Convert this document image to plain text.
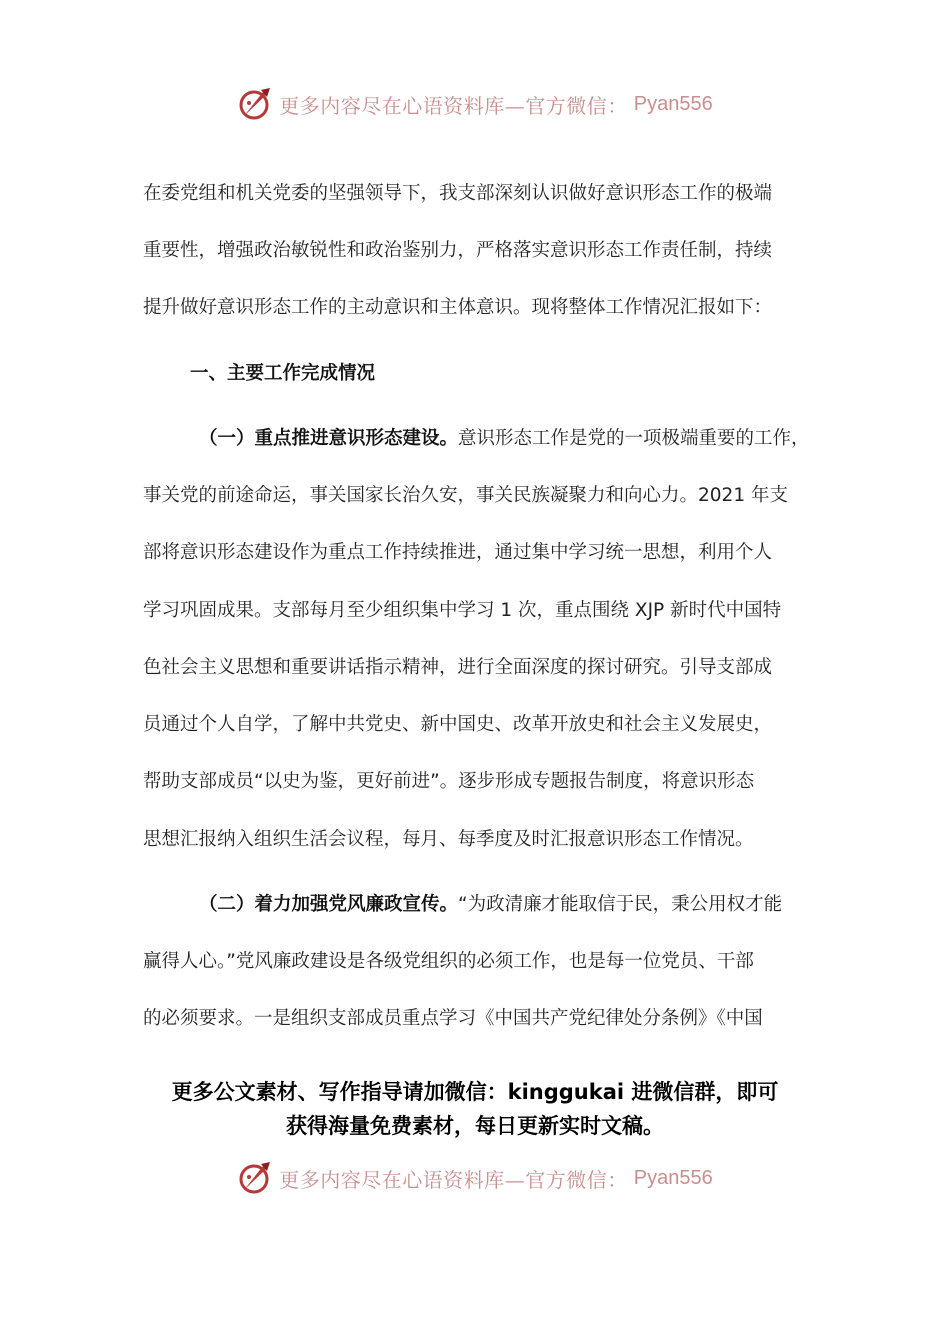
更多内容尽在心语资料库—官方微信： Pyan556
在委党组和机关党委的坚强领导下，我支部深刻认识做好意识形态工作的极端
重要性，增强政治敏锐性和政治鉴别力，严格落实意识形态工作责任制，持续
提升做好意识形态工作的主动意识和主体意识。现将整体工作情况汇报如下：
一、主要工作完成情况
（一）重点推进意识形态建设。意识形态工作是党的一项极端重要的工作，
事关党的前途命运，事关国家长治久安，事关民族凝聚力和向心力。2021 年支
部将意识形态建设作为重点工作持续推进，通过集中学习统一思想，利用个人
学习巩固成果。支部每月至少组织集中学习 1 次，重点围绕 XJP 新时代中国特
色社会主义思想和重要讲话指示精神，进行全面深度的探讨研究。引导支部成
员通过个人自学，了解中共党史、新中国史、改革开放史和社会主义发展史，
帮助支部成员“以史为鉴，更好前进”。逐步形成专题报告制度，将意识形态
思想汇报纳入组织生活会议程，每月、每季度及时汇报意识形态工作情况。
（二）着力加强党风廉政宣传。“为政清廉才能取信于民，秉公用权才能
赢得人心。”党风廉政建设是各级党组织的必须工作，也是每一位党员、干部
的必须要求。一是组织支部成员重点学习《中国共产党纪律处分条例》《中国
更多公文素材、写作指导请加微信：kinggukai 进微信群，即可
获得海量免费素材，每日更新实时文稿。
更多内容尽在心语资料库—官方微信： Pyan556
